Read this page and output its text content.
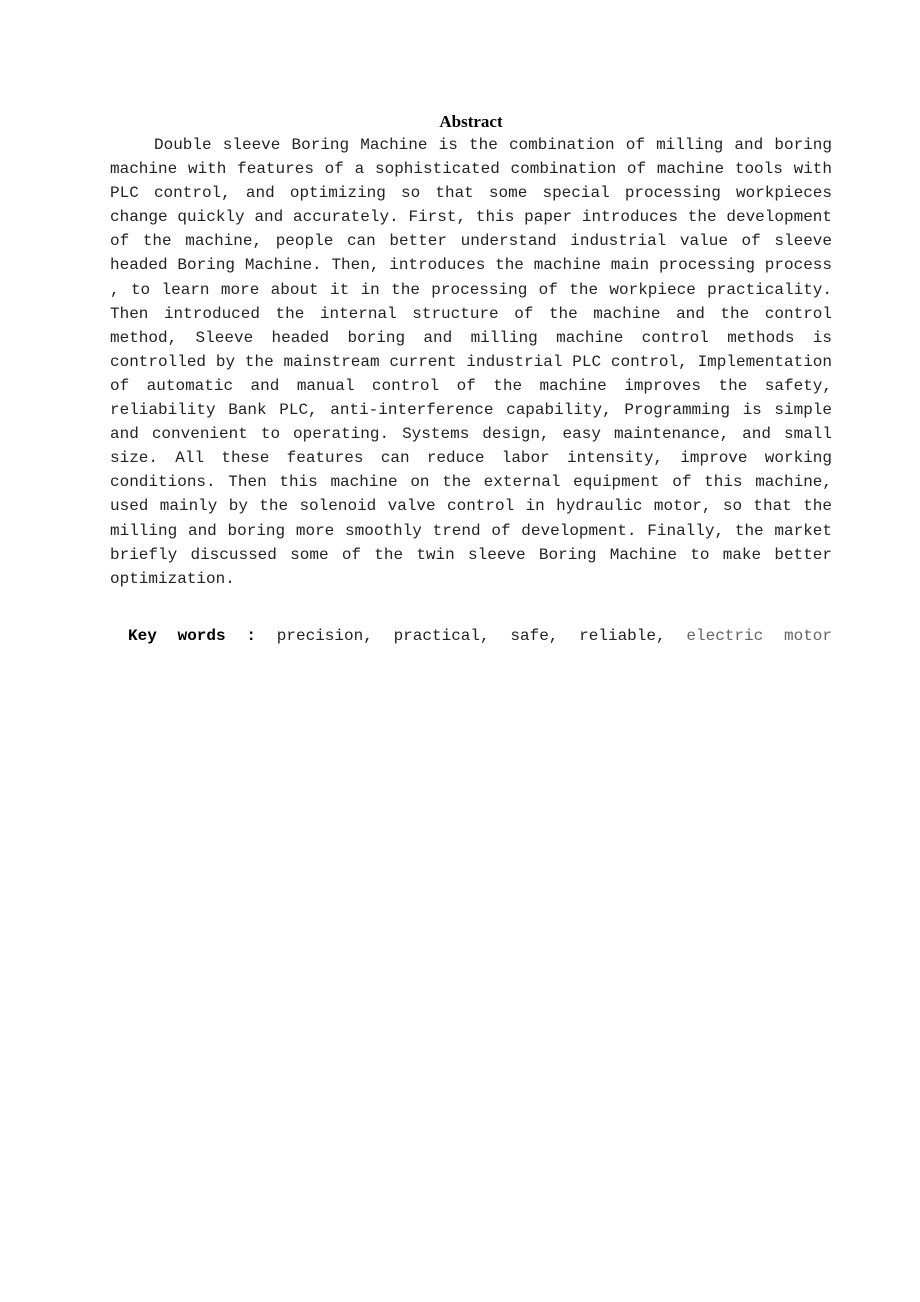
Abstract

Double sleeve Boring Machine is the combination of milling and boring machine with features of a sophisticated combination of machine tools with PLC control, and optimizing so that some special processing workpieces change quickly and accurately. First, this paper introduces the development of the machine, people can better understand industrial value of sleeve headed Boring Machine. Then, introduces the machine main processing process , to learn more about it in the processing of the workpiece practicality. Then introduced the internal structure of the machine and the control method, Sleeve headed boring and milling machine control methods is controlled by the mainstream current industrial PLC control, Implementation of automatic and manual control of the machine improves the safety, reliability Bank PLC, anti-interference capability, Programming is simple and convenient to operating. Systems design, easy maintenance, and small size. All these features can reduce labor intensity, improve working conditions. Then this machine on the external equipment of this machine, used mainly by the solenoid valve control in hydraulic motor, so that the milling and boring more smoothly trend of development. Finally, the market briefly discussed some of the twin sleeve Boring Machine to make better optimization.

Key words : precision, practical, safe, reliable, electric motor
